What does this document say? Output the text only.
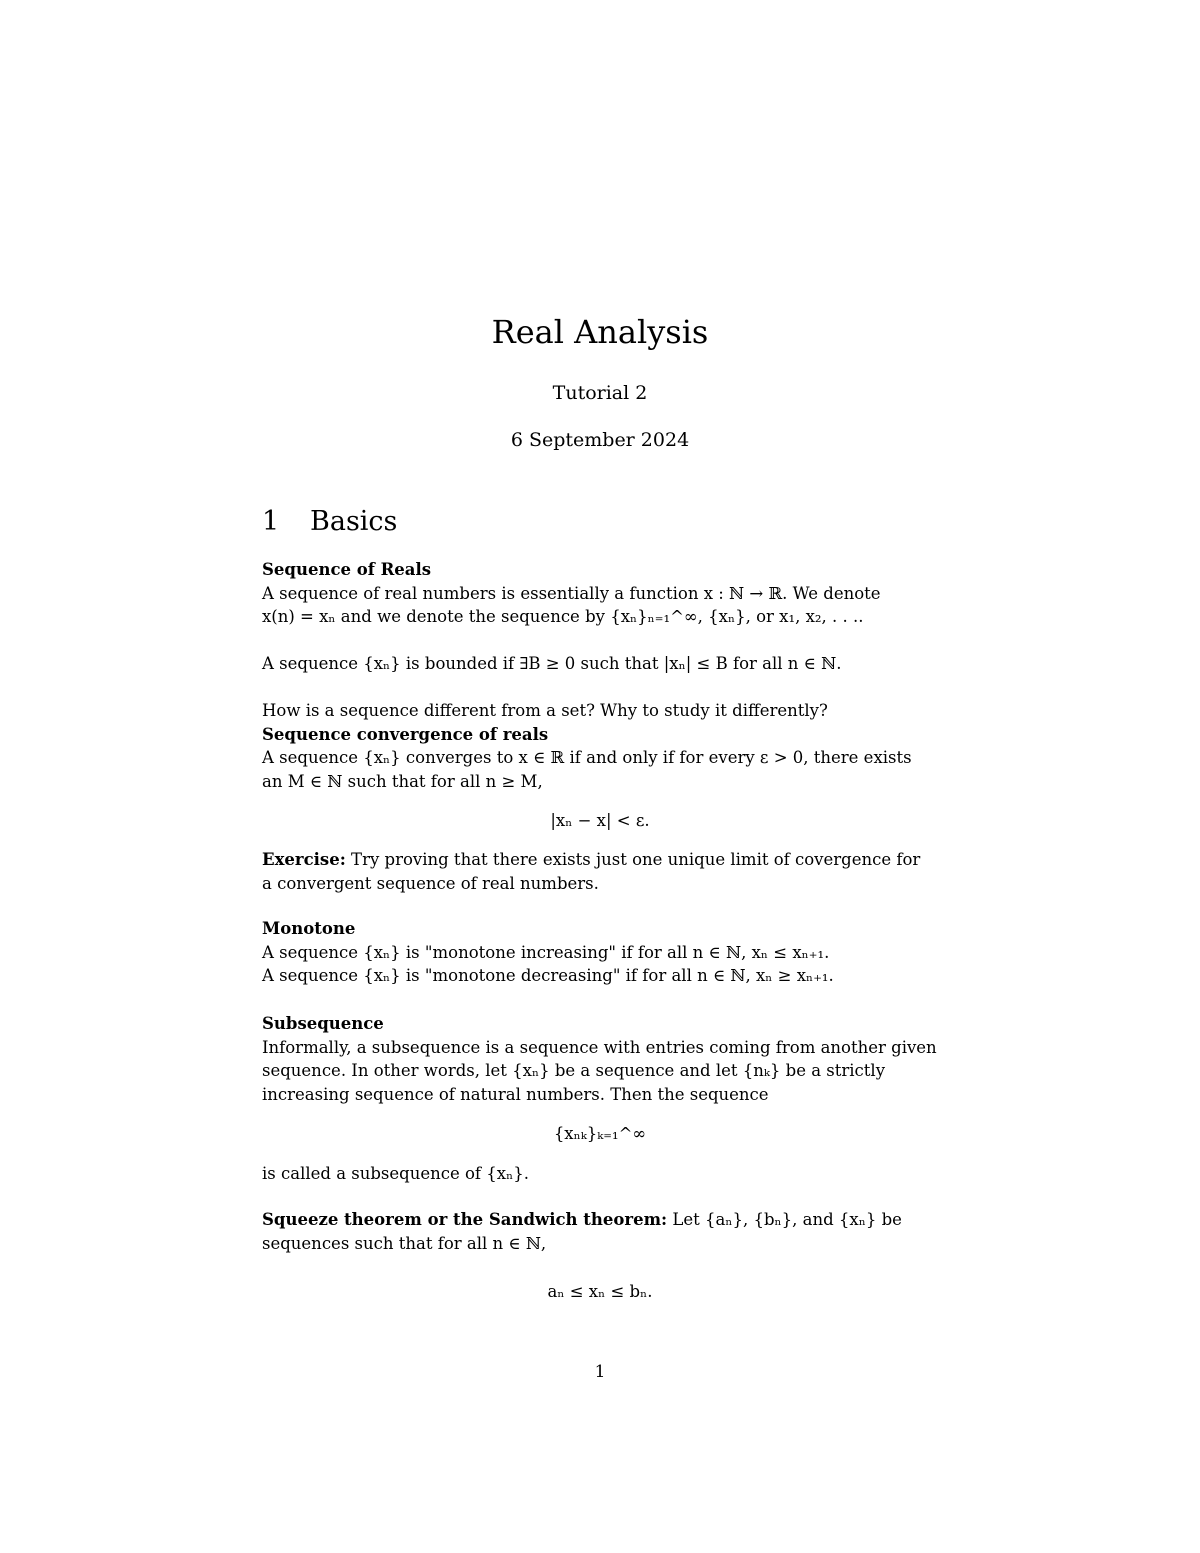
Real Analysis
Tutorial 2
6 September 2024
1 Basics

Sequence of Reals

A sequence of real numbers is essentially a function x : ℕ → ℝ. We denote

x(n) = xₙ and we denote the sequence by {xₙ}ₙ₌₁^∞, {xₙ}, or x₁, x₂, . . ..

A sequence {xₙ} is bounded if ∃B ≥ 0 such that |xₙ| ≤ B for all n ∈ ℕ.

How is a sequence different from a set? Why to study it differently?

Sequence convergence of reals

A sequence {xₙ} converges to x ∈ ℝ if and only if for every ε > 0, there exists

an M ∈ ℕ such that for all n ≥ M,

|xₙ − x| < ε.

Exercise: Try proving that there exists just one unique limit of covergence for

a convergent sequence of real numbers.

Monotone

A sequence {xₙ} is "monotone increasing" if for all n ∈ ℕ, xₙ ≤ xₙ₊₁.

A sequence {xₙ} is "monotone decreasing" if for all n ∈ ℕ, xₙ ≥ xₙ₊₁.

Subsequence

Informally, a subsequence is a sequence with entries coming from another given

sequence. In other words, let {xₙ} be a sequence and let {nₖ} be a strictly

increasing sequence of natural numbers. Then the sequence

{xₙₖ}ₖ₌₁^∞

is called a subsequence of {xₙ}.

Squeeze theorem or the Sandwich theorem: Let {aₙ}, {bₙ}, and {xₙ} be

sequences such that for all n ∈ ℕ,

aₙ ≤ xₙ ≤ bₙ.

1
